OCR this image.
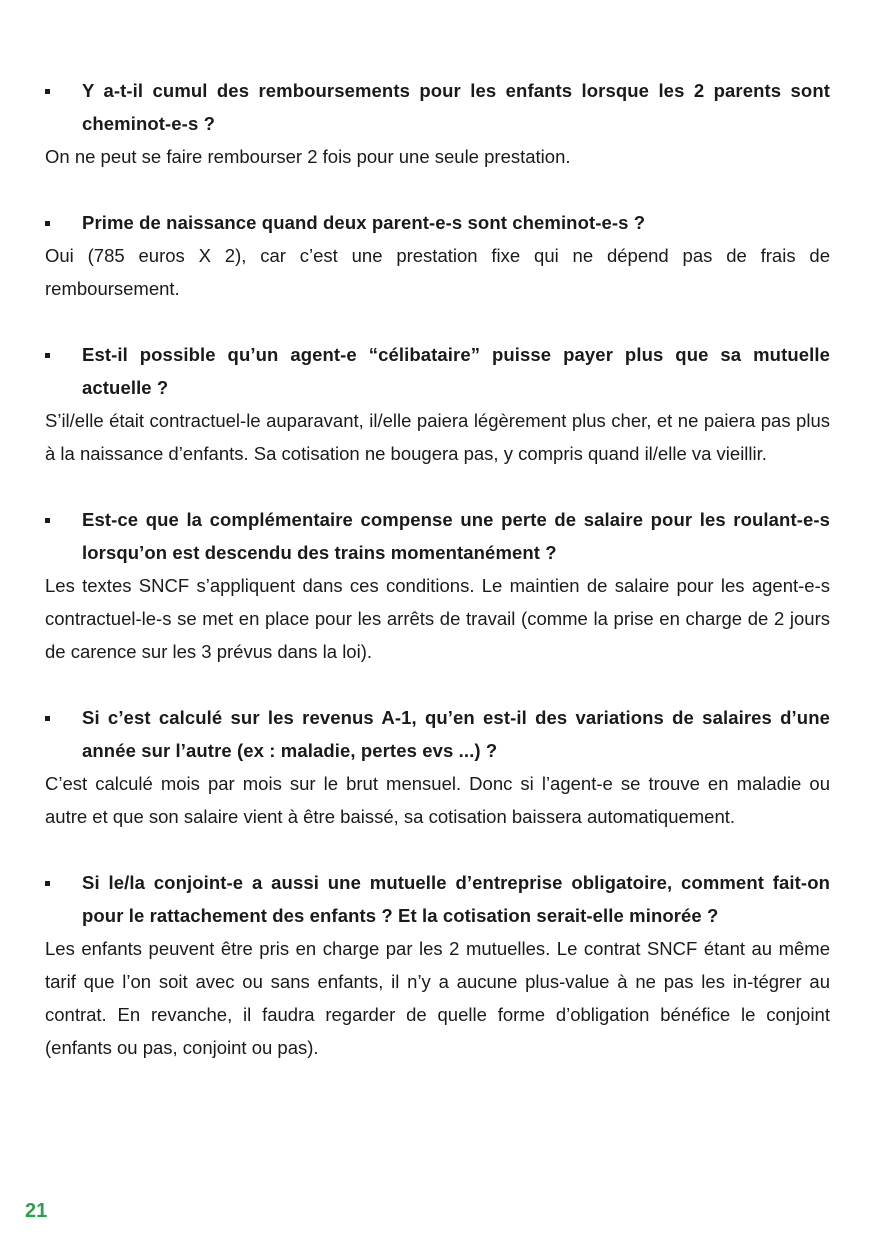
Y a-t-il cumul des remboursements pour les enfants lorsque les 2 parents sont cheminot-e-s ?

On ne peut se faire rembourser 2 fois pour une seule prestation.

Prime de naissance quand deux parent-e-s sont cheminot-e-s ?

Oui (785 euros X 2), car c’est une prestation fixe qui ne dépend pas de frais de remboursement.

Est-il possible qu’un agent-e “célibataire” puisse payer plus que sa mutuelle actuelle ?

S’il/elle était contractuel-le auparavant, il/elle paiera légèrement plus cher, et ne paiera pas plus à la naissance d’enfants. Sa cotisation ne bougera pas, y compris quand il/elle va vieillir.

Est-ce que la complémentaire compense une perte de salaire pour les roulant-e-s lorsqu’on est descendu des trains momentanément ?

Les textes SNCF s’appliquent dans ces conditions. Le maintien de salaire pour les agent-e-s contractuel-le-s se met en place pour les arrêts de travail (comme la prise en charge de 2 jours de carence sur les 3 prévus dans la loi).

Si c’est calculé sur les revenus A-1, qu’en est-il des variations de salaires d’une année sur l’autre (ex : maladie, pertes evs ...) ?

C’est calculé mois par mois sur le brut mensuel. Donc si l’agent-e se trouve en maladie ou autre et que son salaire vient à être baissé, sa cotisation baissera automatiquement.

Si le/la conjoint-e a aussi une mutuelle d’entreprise obligatoire, comment fait-on pour le rattachement des enfants ? Et la cotisation serait-elle minorée ?

Les enfants peuvent être pris en charge par les 2 mutuelles. Le contrat SNCF étant au même tarif que l’on soit avec ou sans enfants, il n’y a aucune plus-value à ne pas les in-tégrer au contrat. En revanche, il faudra regarder de quelle forme d’obligation bénéfice le conjoint (enfants ou pas, conjoint ou pas).

21
